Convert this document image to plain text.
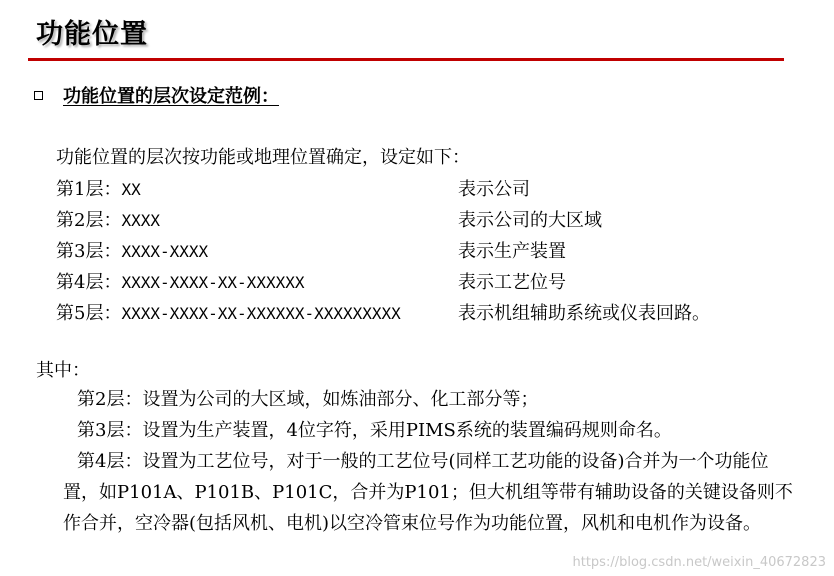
功能位置
功能位置的层次设定范例：
功能位置的层次按功能或地理位置确定，设定如下：
第1层：XX	表示公司
第2层：XXXX	表示公司的大区域
第3层：XXXX-XXXX	表示生产装置
第4层：XXXX-XXXX-XX-XXXXXX	表示工艺位号
第5层：XXXX-XXXX-XX-XXXXXX-XXXXXXXXX	表示机组辅助系统或仪表回路。
其中：

第2层：设置为公司的大区域，如炼油部分、化工部分等；

第3层：设置为生产装置，4位字符，采用PIMS系统的装置编码规则命名。

第4层：设置为工艺位号，对于一般的工艺位号(同样工艺功能的设备)合并为一个功能位置，如P101A、P101B、P101C，合并为P101；但大机组等带有辅助设备的关键设备则不作合并，空冷器(包括风机、电机)以空冷管束位号作为功能位置，风机和电机作为设备。

https://blog.csdn.net/weixin_40672823
